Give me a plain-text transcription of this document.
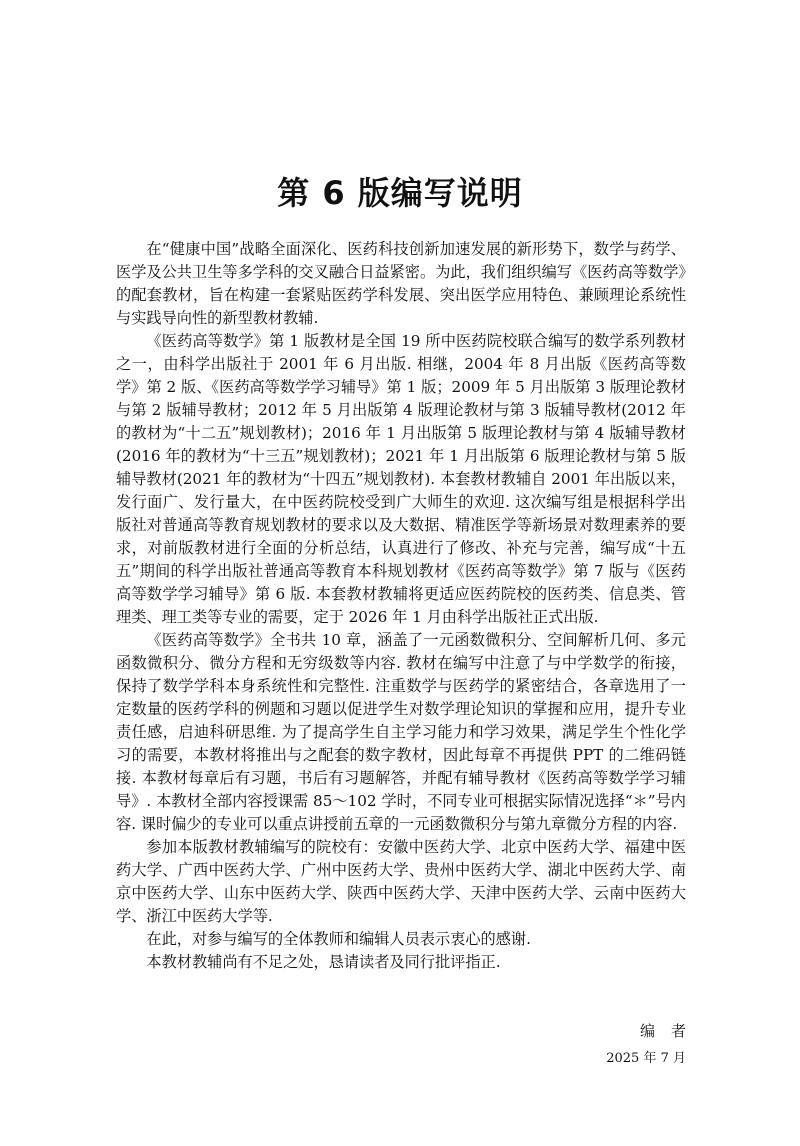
第 6 版编写说明

在“健康中国”战略全面深化、医药科技创新加速发展的新形势下，数学与药学、医学及公共卫生等多学科的交叉融合日益紧密。为此，我们组织编写《医药高等数学》的配套教材，旨在构建一套紧贴医药学科发展、突出医学应用特色、兼顾理论系统性与实践导向性的新型教材教辅.

《医药高等数学》第 1 版教材是全国 19 所中医药院校联合编写的数学系列教材之一，由科学出版社于 2001 年 6 月出版. 相继，2004 年 8 月出版《医药高等数学》第 2 版、《医药高等数学学习辅导》第 1 版；2009 年 5 月出版第 3 版理论教材与第 2 版辅导教材；2012 年 5 月出版第 4 版理论教材与第 3 版辅导教材(2012 年的教材为“十二五”规划教材)；2016 年 1 月出版第 5 版理论教材与第 4 版辅导教材(2016 年的教材为“十三五”规划教材)；2021 年 1 月出版第 6 版理论教材与第 5 版辅导教材(2021 年的教材为“十四五”规划教材). 本套教材教辅自 2001 年出版以来，发行面广、发行量大，在中医药院校受到广大师生的欢迎. 这次编写组是根据科学出版社对普通高等教育规划教材的要求以及大数据、精准医学等新场景对数理素养的要求，对前版教材进行全面的分析总结，认真进行了修改、补充与完善，编写成“十五五”期间的科学出版社普通高等教育本科规划教材《医药高等数学》第 7 版与《医药高等数学学习辅导》第 6 版. 本套教材教辅将更适应医药院校的医药类、信息类、管理类、理工类等专业的需要，定于 2026 年 1 月由科学出版社正式出版.

《医药高等数学》全书共 10 章，涵盖了一元函数微积分、空间解析几何、多元函数微积分、微分方程和无穷级数等内容. 教材在编写中注意了与中学数学的衔接，保持了数学学科本身系统性和完整性. 注重数学与医药学的紧密结合，各章选用了一定数量的医药学科的例题和习题以促进学生对数学理论知识的掌握和应用，提升专业责任感，启迪科研思维. 为了提高学生自主学习能力和学习效果，满足学生个性化学习的需要，本教材将推出与之配套的数字教材，因此每章不再提供 PPT 的二维码链接. 本教材每章后有习题，书后有习题解答，并配有辅导教材《医药高等数学学习辅导》. 本教材全部内容授课需 85～102 学时，不同专业可根据实际情况选择“＊”号内容. 课时偏少的专业可以重点讲授前五章的一元函数微积分与第九章微分方程的内容.

参加本版教材教辅编写的院校有：安徽中医药大学、北京中医药大学、福建中医药大学、广西中医药大学、广州中医药大学、贵州中医药大学、湖北中医药大学、南京中医药大学、山东中医药大学、陕西中医药大学、天津中医药大学、云南中医药大学、浙江中医药大学等.

在此，对参与编写的全体教师和编辑人员表示衷心的感谢.

本教材教辅尚有不足之处，恳请读者及同行批评指正.

编者
2025 年 7 月
